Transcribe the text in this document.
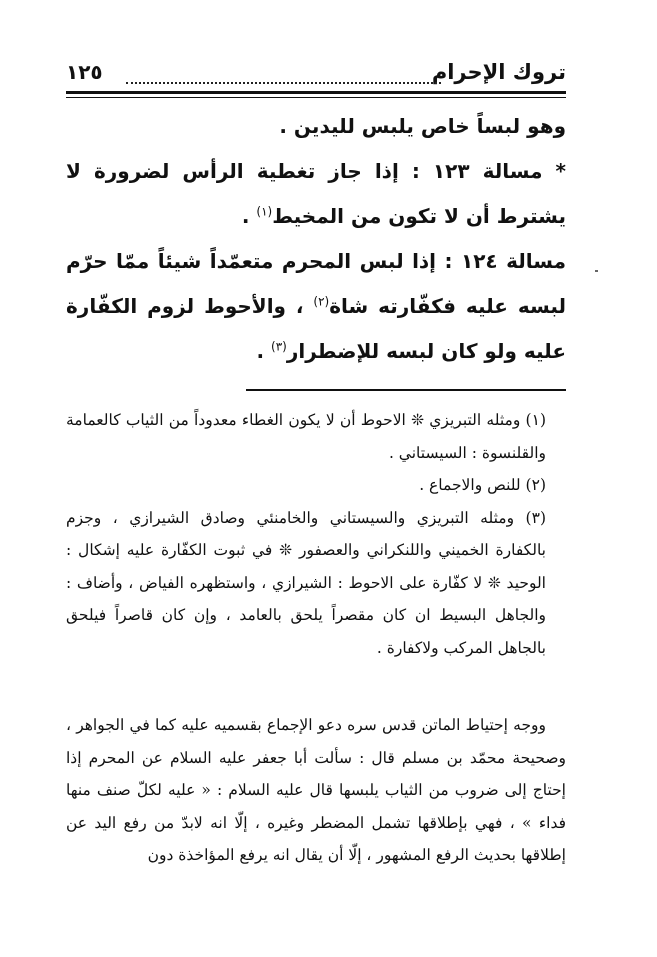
تروك الإحرام
١٢٥

وهو لبساً خاص يلبس لليدين .

* مسالة ١٢٣ : إذا جاز تغطية الرأس لضرورة لا يشترط أن لا تكون من المخيط$^{(١)}$ .

مسالة ١٢٤ : إذا لبس المحرم متعمّداً شيئاً ممّا حرّم لبسه عليه فكفّارته شاة$^{(٢)}$ ، والأحوط لزوم الكفّارة عليه ولو كان لبسه للإضطرار$^{(٣)}$ .

(١) ومثله التبريزي ❊ الاحوط أن لا يكون الغطاء معدوداً من الثياب كالعمامة والقلنسوة : السيستاني .

(٢) للنص والاجماع .

(٣) ومثله التبريزي والسيستاني والخامنئي وصادق الشيرازي ، وجزم بالكفارة الخميني واللنكراني والعصفور ❊ في ثبوت الكفّارة عليه إشكال : الوحيد ❊ لا كفّارة على الاحوط : الشيرازي ، واستظهره الفياض ، وأضاف : والجاهل البسيط ان كان مقصراً يلحق بالعامد ، وإن كان قاصراً فيلحق بالجاهل المركب ولاكفارة .

ووجه إحتياط الماتن قدس سره دعو الإجماع بقسميه عليه كما في الجواهر ، وصحيحة محمّد بن مسلم قال : سألت أبا جعفر عليه السلام عن المحرم إذا إحتاج إلى ضروب من الثياب يلبسها قال عليه السلام : « عليه لكلّ صنف منها فداء » ، فهي بإطلاقها تشمل المضطر وغيره ، إلّا انه لابدّ من رفع اليد عن إطلاقها بحديث الرفع المشهور ، إلّا أن يقال انه يرفع المؤاخذة دون
